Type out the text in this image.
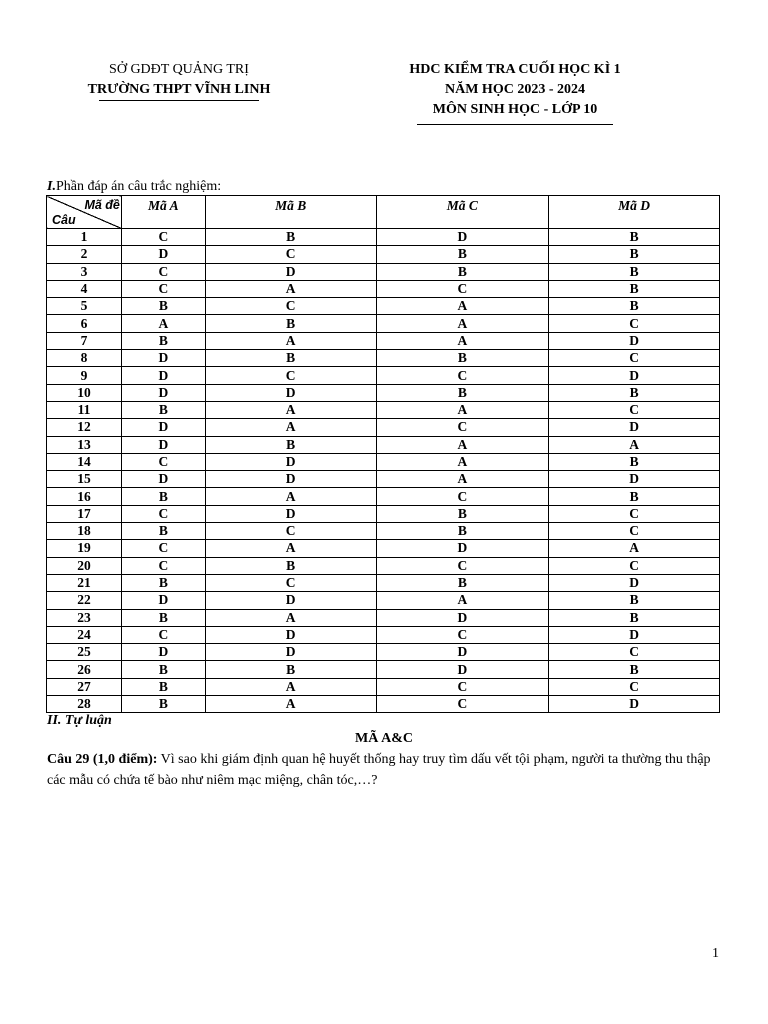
SỞ GDĐT QUẢNG TRỊ
TRƯỜNG THPT VĨNH LINH
HDC KIỂM TRA CUỐI HỌC KÌ 1
NĂM HỌC 2023 - 2024
MÔN SINH HỌC - LỚP 10
I.Phần đáp án câu trắc nghiệm:
Mã đề
Câu	Mã A	Mã B	Mã C	Mã D
1	C	B	D	B
2	D	C	B	B
3	C	D	B	B
4	C	A	C	B
5	B	C	A	B
6	A	B	A	C
7	B	A	A	D
8	D	B	B	C
9	D	C	C	D
10	D	D	B	B
11	B	A	A	C
12	D	A	C	D
13	D	B	A	A
14	C	D	A	B
15	D	D	A	D
16	B	A	C	B
17	C	D	B	C
18	B	C	B	C
19	C	A	D	A
20	C	B	C	C
21	B	C	B	D
22	D	D	A	B
23	B	A	D	B
24	C	D	C	D
25	D	D	D	C
26	B	B	D	B
27	B	A	C	C
28	B	A	C	D
II. Tự luận
MÃ A&C
Câu 29 (1,0 điểm): Vì sao khi giám định quan hệ huyết thống hay truy tìm dấu vết tội phạm, người ta thường thu thập các mẫu có chứa tế bào như niêm mạc miệng, chân tóc,…?
1
